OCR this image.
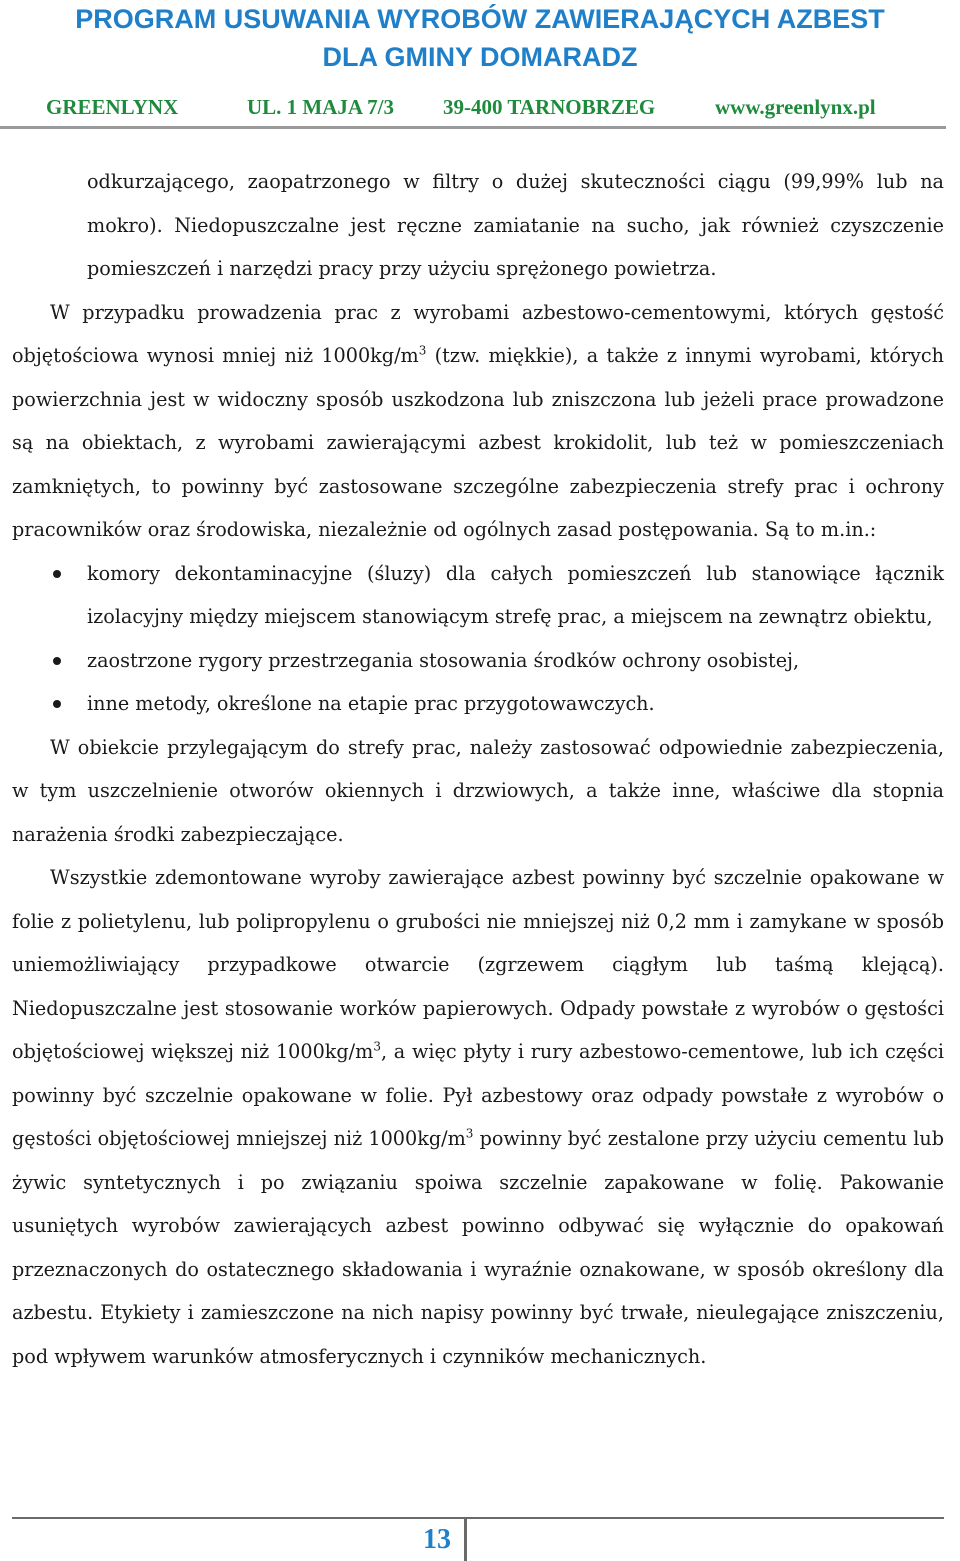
PROGRAM USUWANIA WYROBÓW ZAWIERAJĄCYCH AZBEST
DLA GMINY DOMARADZ
GREENLYNX	UL. 1 MAJA 7/3 39-400 TARNOBRZEG	www.greenlynx.pl

odkurzającego, zaopatrzonego w filtry o dużej skuteczności ciągu (99,99% lub na mokro). Niedopuszczalne jest ręczne zamiatanie na sucho, jak również czyszczenie pomieszczeń i narzędzi pracy przy użyciu sprężonego powietrza.

W przypadku prowadzenia prac z wyrobami azbestowo-cementowymi, których gęstość objętościowa wynosi mniej niż $1000kg/m^3$ (tzw. miękkie), a także z innymi wyrobami, których powierzchnia jest w widoczny sposób uszkodzona lub zniszczona lub jeżeli prace prowadzone są na obiektach, z wyrobami zawierającymi azbest krokidolit, lub też w pomieszczeniach zamkniętych, to powinny być zastosowane szczególne zabezpieczenia strefy prac i ochrony pracowników oraz środowiska, niezależnie od ogólnych zasad postępowania. Są to m.in.:

komory dekontaminacyjne (śluzy) dla całych pomieszczeń lub stanowiące łącznik izolacyjny między miejscem stanowiącym strefę prac, a miejscem na zewnątrz obiektu,
zaostrzone rygory przestrzegania stosowania środków ochrony osobistej,
inne metody, określone na etapie prac przygotowawczych.

W obiekcie przylegającym do strefy prac, należy zastosować odpowiednie zabezpieczenia, w tym uszczelnienie otworów okiennych i drzwiowych, a także inne, właściwe dla stopnia narażenia środki zabezpieczające.

Wszystkie zdemontowane wyroby zawierające azbest powinny być szczelnie opakowane w folie z polietylenu, lub polipropylenu o grubości nie mniejszej niż 0,2 mm i zamykane w sposób uniemożliwiający przypadkowe otwarcie (zgrzewem ciągłym lub taśmą klejącą). Niedopuszczalne jest stosowanie worków papierowych. Odpady powstałe z wyrobów o gęstości objętościowej większej niż $1000kg/m^3$, a więc płyty i rury azbestowo-cementowe, lub ich części powinny być szczelnie opakowane w folie. Pył azbestowy oraz odpady powstałe z wyrobów o gęstości objętościowej mniejszej niż $1000kg/m^3$ powinny być zestalone przy użyciu cementu lub żywic syntetycznych i po związaniu spoiwa szczelnie zapakowane w folię. Pakowanie usuniętych wyrobów zawierających azbest powinno odbywać się wyłącznie do opakowań przeznaczonych do ostatecznego składowania i wyraźnie oznakowane, w sposób określony dla azbestu. Etykiety i zamieszczone na nich napisy powinny być trwałe, nieulegające zniszczeniu, pod wpływem warunków atmosferycznych i czynników mechanicznych.

13
